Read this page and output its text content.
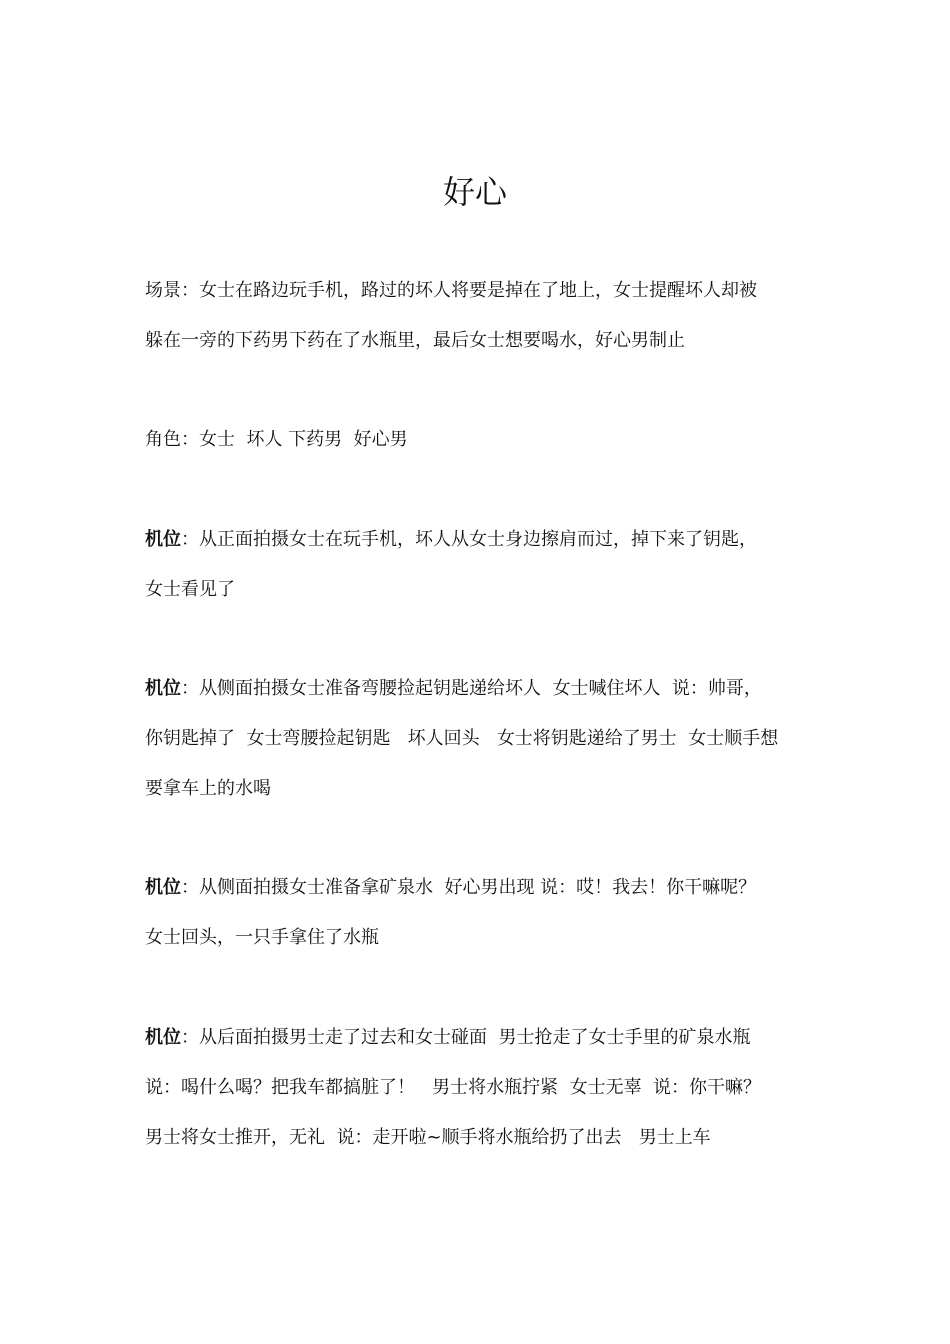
好心
场景：女士在路边玩手机，路过的坏人将要是掉在了地上，女士提醒坏人却被
躲在一旁的下药男下药在了水瓶里，最后女士想要喝水，好心男制止
角色：女士  坏人 下药男  好心男
机位：从正面拍摄女士在玩手机，坏人从女士身边擦肩而过，掉下来了钥匙，
女士看见了
机位：从侧面拍摄女士准备弯腰捡起钥匙递给坏人  女士喊住坏人  说：帅哥，
你钥匙掉了  女士弯腰捡起钥匙   坏人回头   女士将钥匙递给了男士  女士顺手想
要拿车上的水喝
机位：从侧面拍摄女士准备拿矿泉水  好心男出现 说：哎！我去！你干嘛呢？
女士回头，一只手拿住了水瓶
机位：从后面拍摄男士走了过去和女士碰面  男士抢走了女士手里的矿泉水瓶
说：喝什么喝？把我车都搞脏了！   男士将水瓶拧紧  女士无辜  说：你干嘛？
男士将女士推开，无礼  说：走开啦~顺手将水瓶给扔了出去   男士上车
